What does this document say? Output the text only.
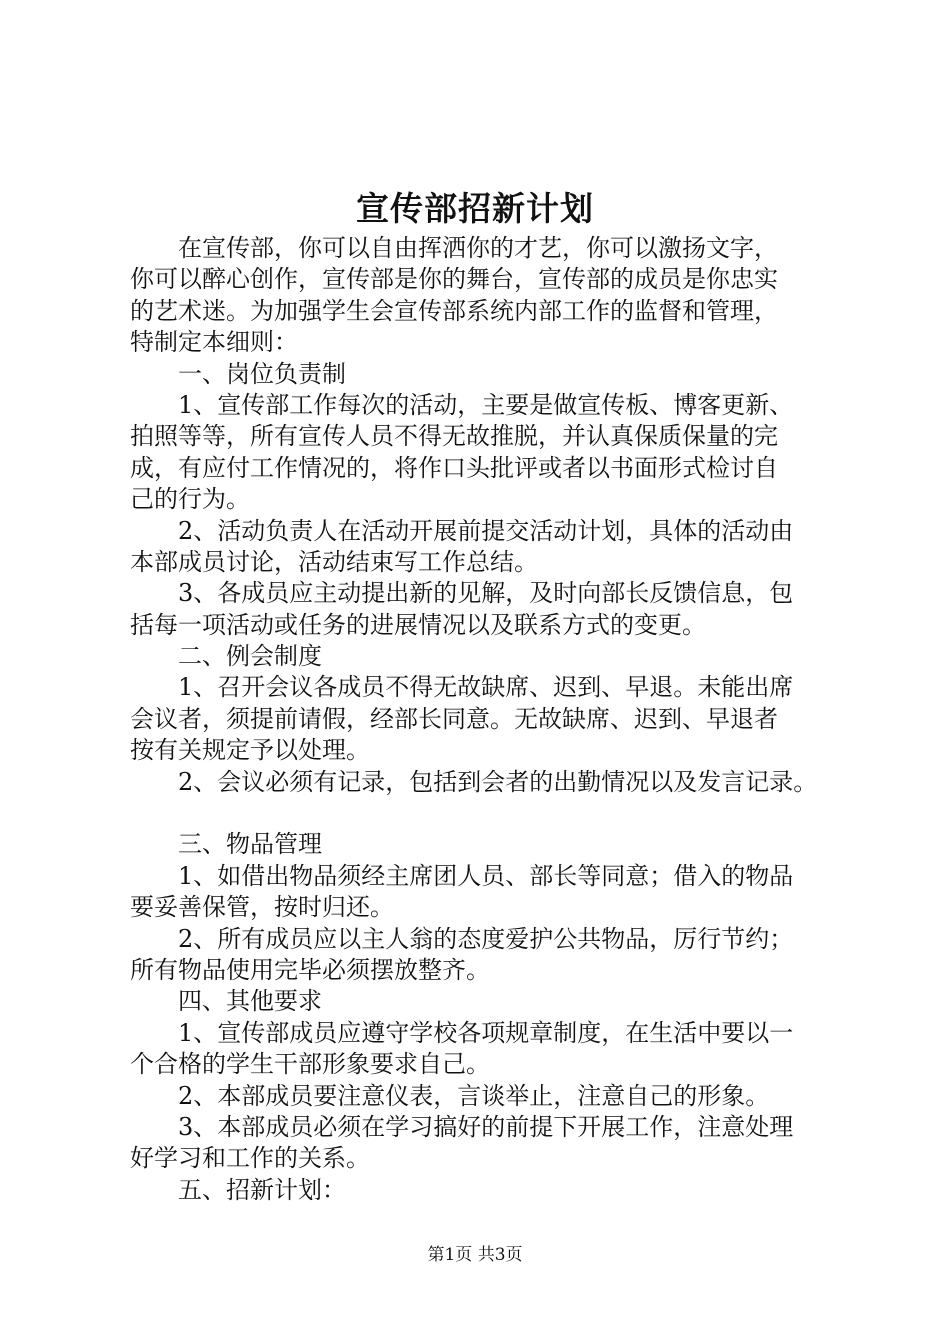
宣传部招新计划
　　在宣传部，你可以自由挥洒你的才艺，你可以激扬文字，
你可以醉心创作，宣传部是你的舞台，宣传部的成员是你忠实
的艺术迷。为加强学生会宣传部系统内部工作的监督和管理，
特制定本细则：
　　一、岗位负责制
　　1、宣传部工作每次的活动，主要是做宣传板、博客更新、
拍照等等，所有宣传人员不得无故推脱，并认真保质保量的完
成，有应付工作情况的，将作口头批评或者以书面形式检讨自
己的行为。
　　2、活动负责人在活动开展前提交活动计划，具体的活动由
本部成员讨论，活动结束写工作总结。
　　3、各成员应主动提出新的见解，及时向部长反馈信息，包
括每一项活动或任务的进展情况以及联系方式的变更。
　　二、例会制度
　　1、召开会议各成员不得无故缺席、迟到、早退。未能出席
会议者，须提前请假，经部长同意。无故缺席、迟到、早退者
按有关规定予以处理。
　　2、会议必须有记录，包括到会者的出勤情况以及发言记录。
　　三、物品管理
　　1、如借出物品须经主席团人员、部长等同意；借入的物品
要妥善保管，按时归还。
　　2、所有成员应以主人翁的态度爱护公共物品，厉行节约；
所有物品使用完毕必须摆放整齐。
　　四、其他要求
　　1、宣传部成员应遵守学校各项规章制度，在生活中要以一
个合格的学生干部形象要求自己。
　　2、本部成员要注意仪表，言谈举止，注意自己的形象。
　　3、本部成员必须在学习搞好的前提下开展工作，注意处理
好学习和工作的关系。
　　五、招新计划：
第1页 共3页
